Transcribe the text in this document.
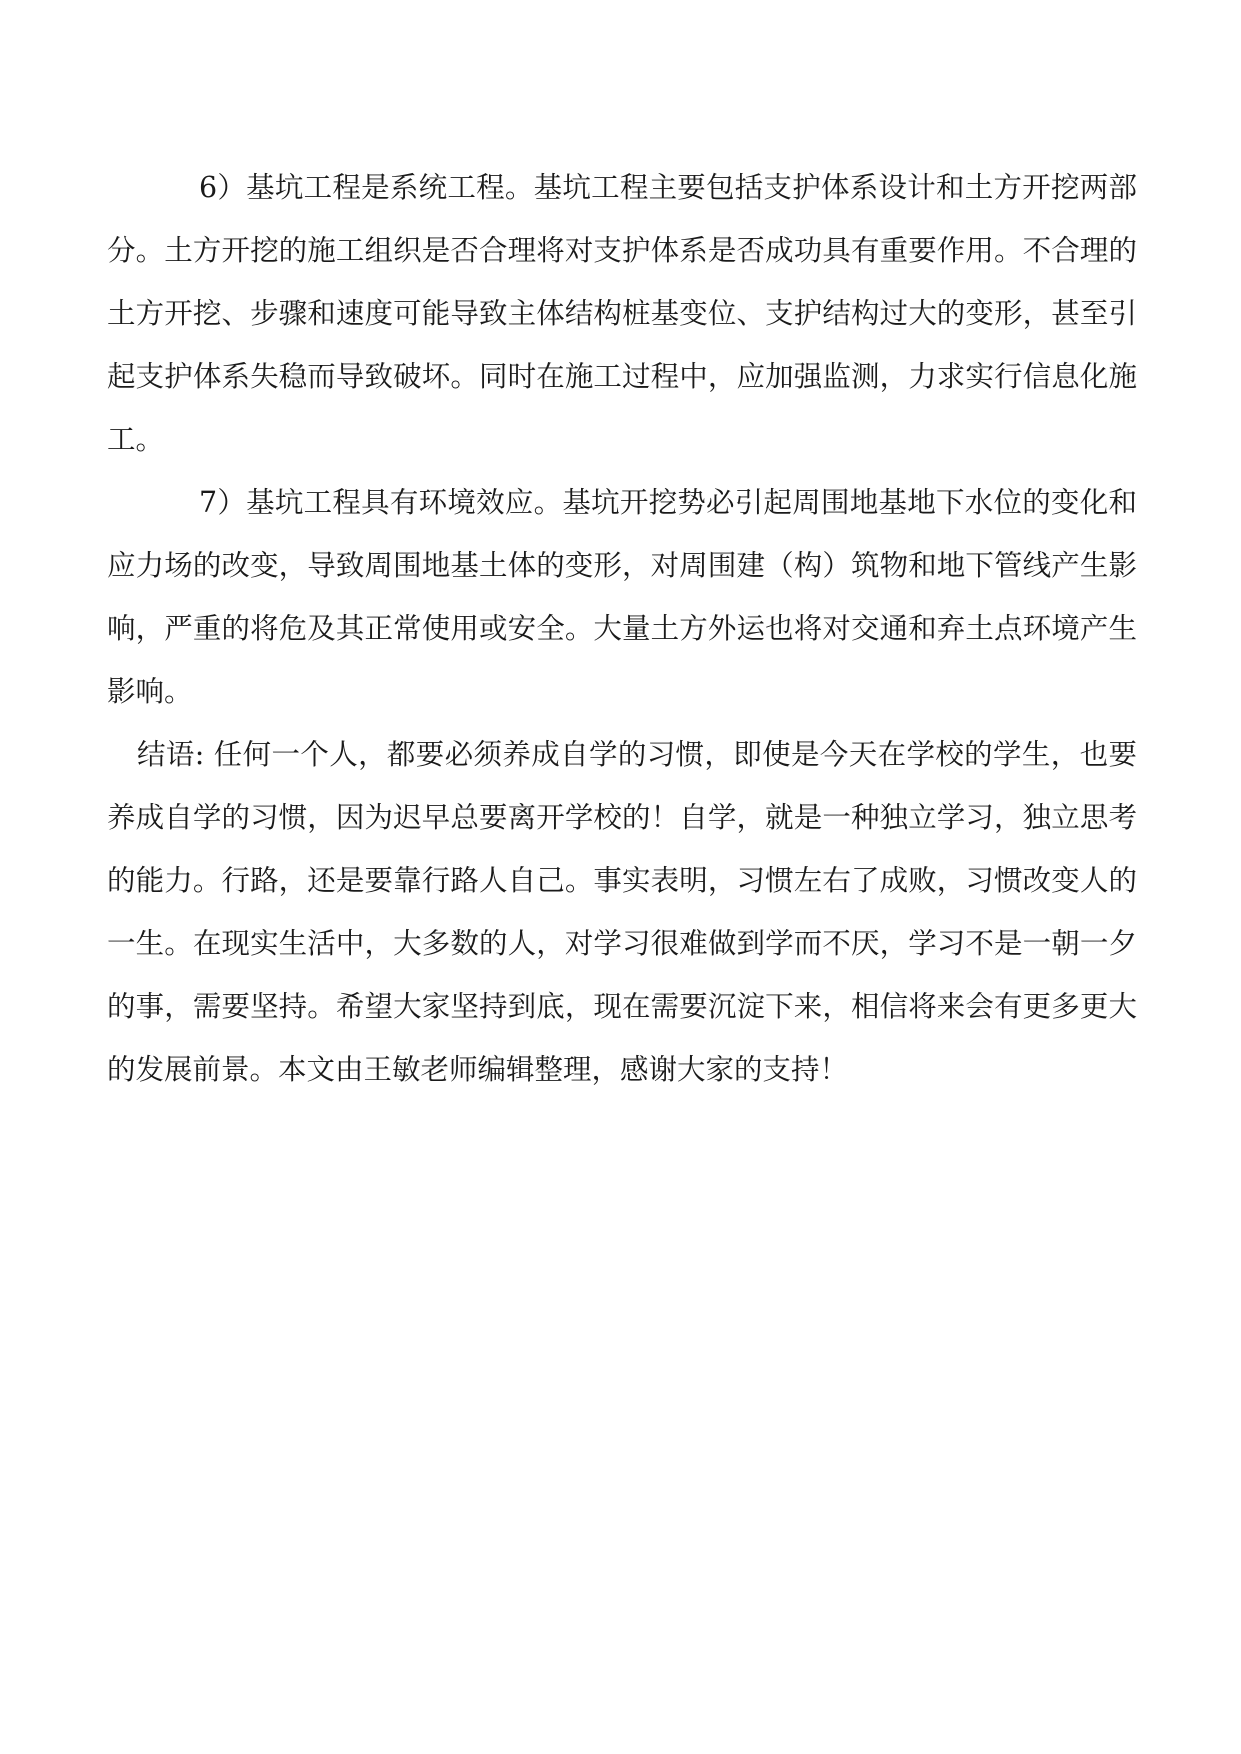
6）基坑工程是系统工程。基坑工程主要包括支护体系设计和土方开挖两部分。土方开挖的施工组织是否合理将对支护体系是否成功具有重要作用。不合理的土方开挖、步骤和速度可能导致主体结构桩基变位、支护结构过大的变形，甚至引起支护体系失稳而导致破坏。同时在施工过程中，应加强监测，力求实行信息化施工。

7）基坑工程具有环境效应。基坑开挖势必引起周围地基地下水位的变化和应力场的改变，导致周围地基土体的变形，对周围建（构）筑物和地下管线产生影响，严重的将危及其正常使用或安全。大量土方外运也将对交通和弃土点环境产生影响。

结语: 任何一个人，都要必须养成自学的习惯，即使是今天在学校的学生，也要养成自学的习惯，因为迟早总要离开学校的！自学，就是一种独立学习，独立思考的能力。行路，还是要靠行路人自己。事实表明，习惯左右了成败，习惯改变人的一生。在现实生活中，大多数的人，对学习很难做到学而不厌，学习不是一朝一夕的事，需要坚持。希望大家坚持到底，现在需要沉淀下来，相信将来会有更多更大的发展前景。本文由王敏老师编辑整理，感谢大家的支持！
